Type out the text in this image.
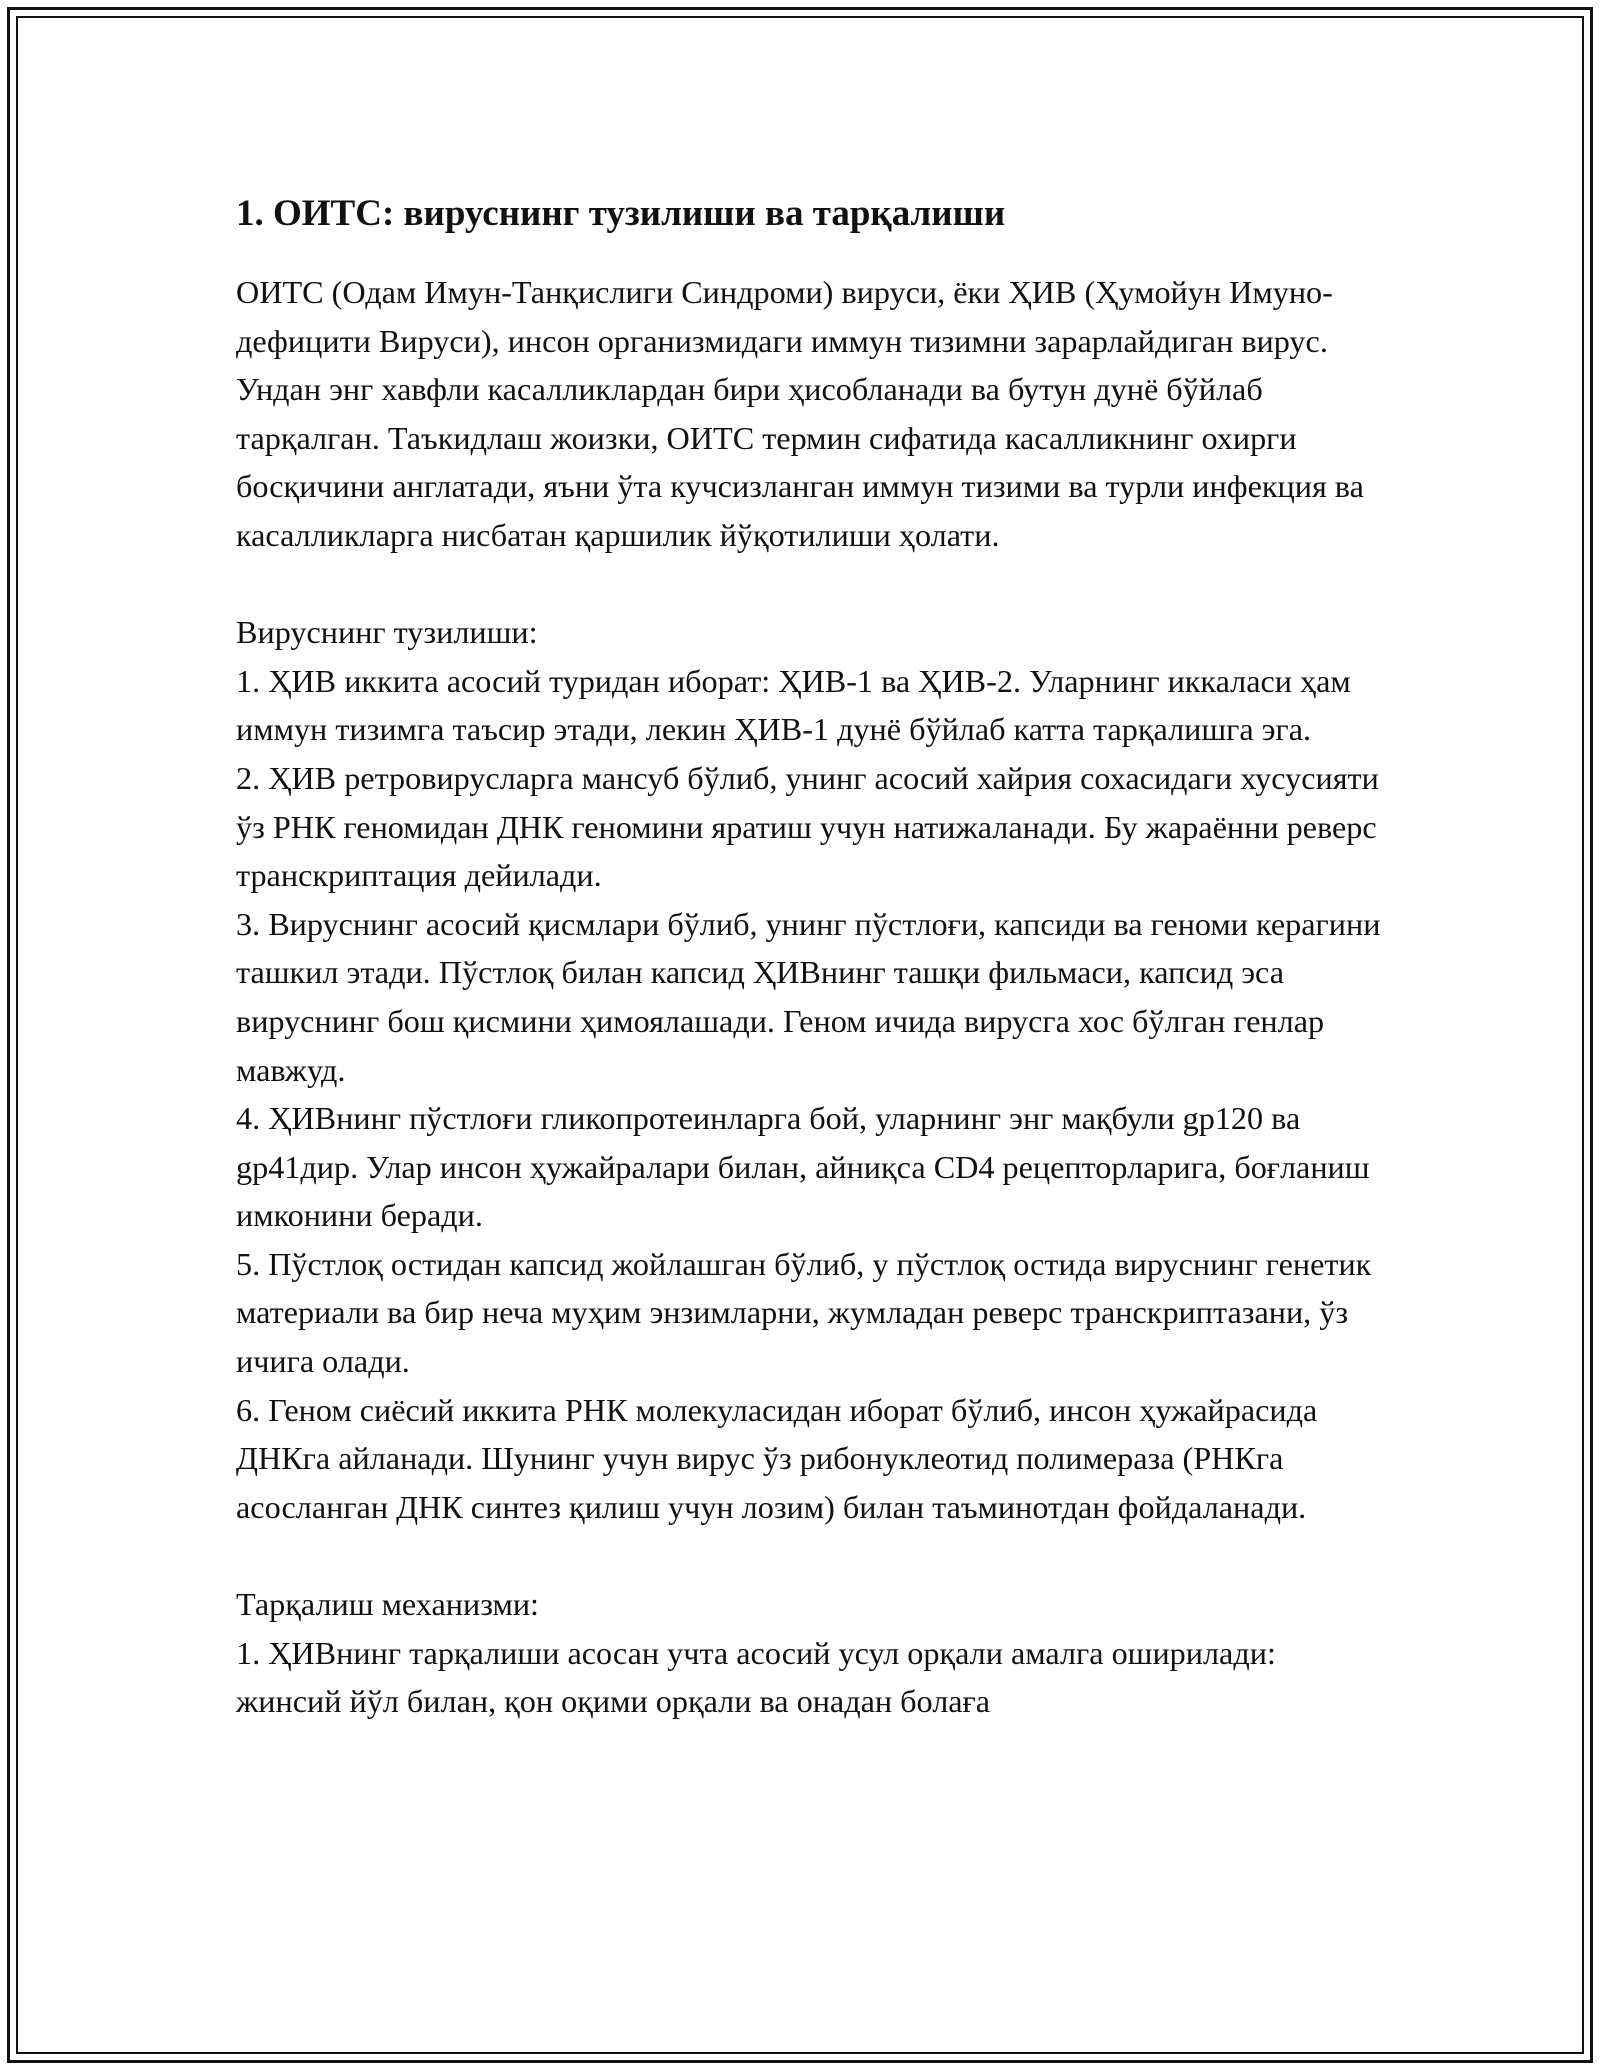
1. ОИТС: вируснинг тузилиши ва тарқалиши

ОИТС (Одам Имун-Танқислиги Синдроми) вируси, ёки ҲИВ (Ҳумойун Имуно-дефицити Вируси), инсон организмидаги иммун тизимни зарарлайдиган вирус. Ундан энг хавфли касалликлардан бири ҳисобланади ва бутун дунё бўйлаб тарқалган. Таъкидлаш жоизки, ОИТС термин сифатида касалликнинг охирги босқичини англатади, яъни ўта кучсизланган иммун тизими ва турли инфекция ва касалликларга нисбатан қаршилик йўқотилиши ҳолати.

Вируснинг тузилиши:

1. ҲИВ иккита асосий туридан иборат: ҲИВ-1 ва ҲИВ-2. Уларнинг иккаласи ҳам иммун тизимга таъсир этади, лекин ҲИВ-1 дунё бўйлаб катта тарқалишга эга.

2. ҲИВ ретровирусларга мансуб бўлиб, унинг асосий хайрия сохасидаги хусусияти ўз РНК геномидан ДНК геномини яратиш учун натижаланади. Бу жараённи реверс транскриптация дейилади.

3. Вируснинг асосий қисмлари бўлиб, унинг пўстлоғи, капсиди ва геноми керагини ташкил этади. Пўстлоқ билан капсид ҲИВнинг ташқи фильмаси, капсид эса вируснинг бош қисмини ҳимоялашади. Геном ичида вирусга хос бўлган генлар мавжуд.

4. ҲИВнинг пўстлоғи гликопротеинларга бой, уларнинг энг мақбули gp120 ва gp41дир. Улар инсон ҳужайралари билан, айниқса CD4 рецепторларига, боғланиш имконини беради.

5. Пўстлоқ остидан капсид жойлашган бўлиб, у пўстлоқ остида вируснинг генетик материали ва бир неча муҳим энзимларни, жумладан реверс транскриптазани, ўз ичига олади.

6. Геном сиёсий иккита РНК молекуласидан иборат бўлиб, инсон ҳужайрасида ДНКга айланади. Шунинг учун вирус ўз рибонуклеотид полимераза (РНКга асосланган ДНК синтез қилиш учун лозим) билан таъминотдан фойдаланади.

Тарқалиш механизми:

1. ҲИВнинг тарқалиши асосан учта асосий усул орқали амалга оширилади: жинсий йўл билан, қон оқими орқали ва онадан болаға
